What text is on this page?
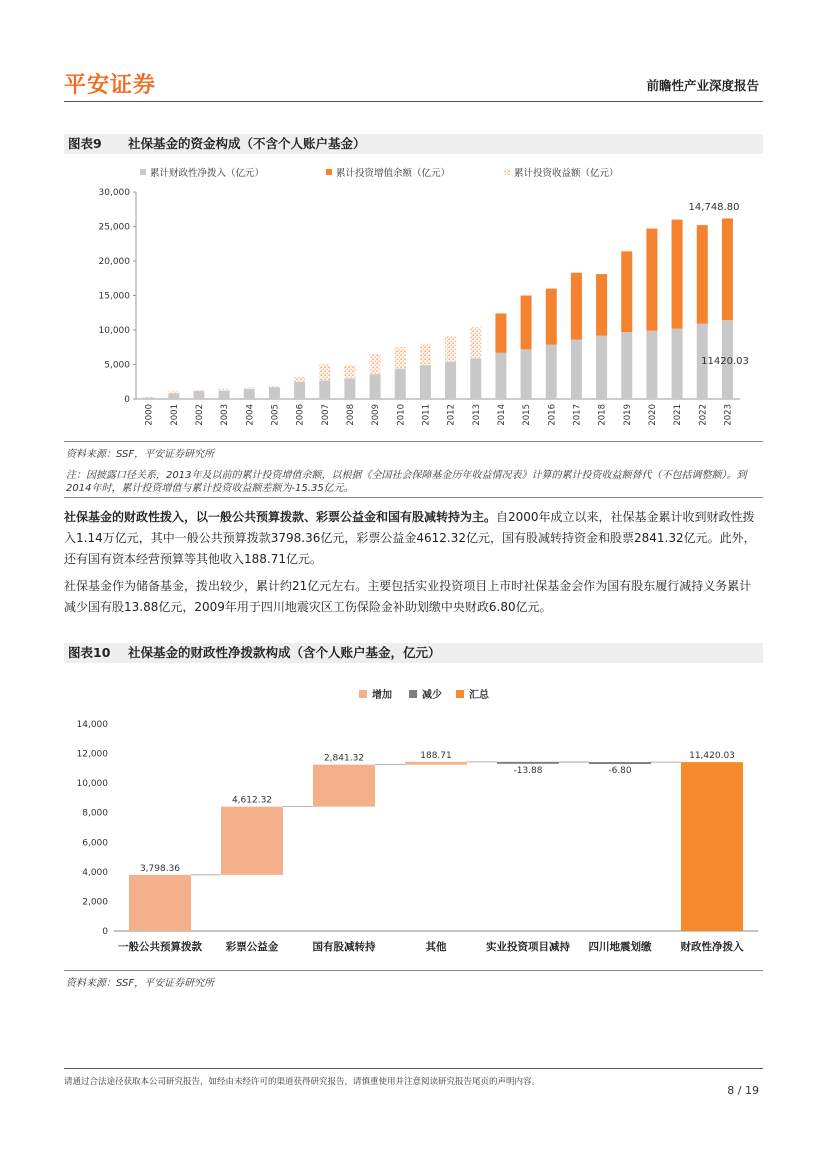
平安证券	前瞻性产业深度报告
图表9 社保基金的资金构成（不含个人账户基金）
累计财政性净拨入（亿元）	累计投资增值余额（亿元）	累计投资收益额（亿元）
0
5,000
10,000
15,000
20,000
25,000
30,000
2000 2001 2002 2003 2004 2005 2006 2007 2008 2009 2010 2011 2012 2013 2014 2015 2016 2017 2018 2019 2020 2021 2022 2023
14,748.80
11420.03
资料来源：SSF，平安证券研究所
注：因披露口径关系，2013年及以前的累计投资增值余额，以根据《全国社会保障基金历年收益情况表》计算的累计投资收益额替代（不包括调整额）。到2014年时，累计投资增值与累计投资收益额差额为-15.35亿元。
社保基金的财政性拨入，以一般公共预算拨款、彩票公益金和国有股减转持为主。自2000年成立以来，社保基金累计收到财政性拨入1.14万亿元，其中一般公共预算拨款3798.36亿元，彩票公益金4612.32亿元，国有股减转持资金和股票2841.32亿元。此外，还有国有资本经营预算等其他收入188.71亿元。
社保基金作为储备基金，拨出较少，累计约21亿元左右。主要包括实业投资项目上市时社保基金会作为国有股东履行减持义务累计减少国有股13.88亿元，2009年用于四川地震灾区工伤保险金补助划缴中央财政6.80亿元。
图表10 社保基金的财政性净拨款构成（含个人账户基金，亿元）
增加	减少	汇总
0
2,000
4,000
6,000
8,000
10,000
12,000
14,000
一般公共预算拨款 彩票公益金	国有股减转持	其他	实业投资项目减持 四川地震划缴	财政性净拨入
3,798.36
4,612.32
2,841.32	188.71
-13.88	-6.80
11,420.03
资料来源：SSF，平安证券研究所
请通过合法途径获取本公司研究报告，如经由未经许可的渠道获得研究报告，请慎重使用并注意阅读研究报告尾页的声明内容。
8 / 19
